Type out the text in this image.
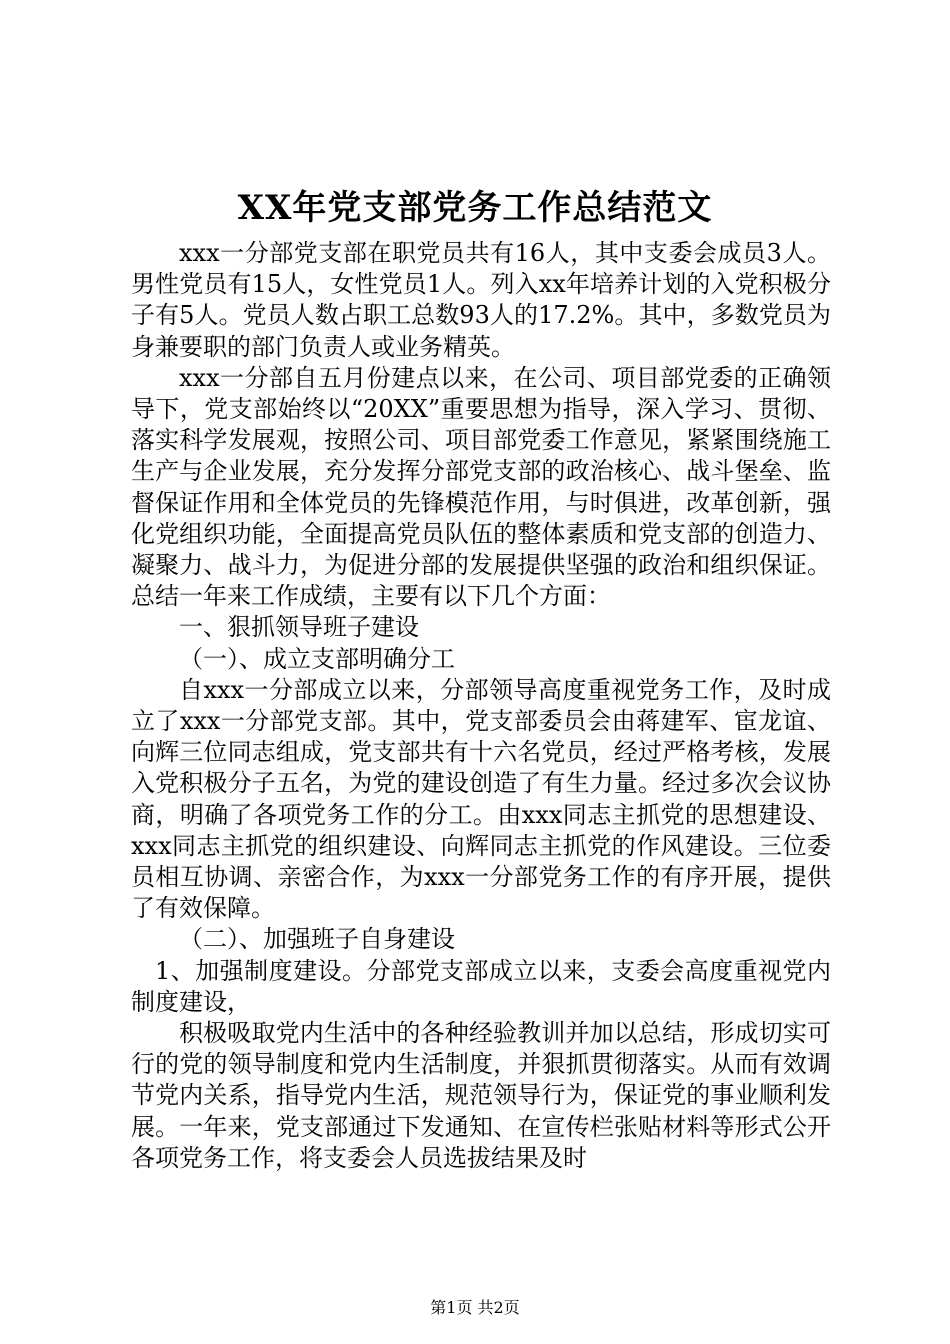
XX年党支部党务工作总结范文

xxx一分部党支部在职党员共有16人，其中支委会成员3人。男性党员有15人，女性党员1人。列入xx年培养计划的入党积极分子有5人。党员人数占职工总数93人的17.2%。其中，多数党员为身兼要职的部门负责人或业务精英。

xxx一分部自五月份建点以来，在公司、项目部党委的正确领导下，党支部始终以“20XX”重要思想为指导，深入学习、贯彻、落实科学发展观，按照公司、项目部党委工作意见，紧紧围绕施工生产与企业发展，充分发挥分部党支部的政治核心、战斗堡垒、监督保证作用和全体党员的先锋模范作用，与时俱进，改革创新，强化党组织功能，全面提高党员队伍的整体素质和党支部的创造力、凝聚力、战斗力，为促进分部的发展提供坚强的政治和组织保证。总结一年来工作成绩，主要有以下几个方面：

一、狠抓领导班子建设

（一）、成立支部明确分工

自xxx一分部成立以来，分部领导高度重视党务工作，及时成立了xxx一分部党支部。其中，党支部委员会由蒋建军、宦龙谊、向辉三位同志组成，党支部共有十六名党员，经过严格考核，发展入党积极分子五名，为党的建设创造了有生力量。经过多次会议协商，明确了各项党务工作的分工。由xxx同志主抓党的思想建设、xxx同志主抓党的组织建设、向辉同志主抓党的作风建设。三位委员相互协调、亲密合作，为xxx一分部党务工作的有序开展，提供了有效保障。

（二）、加强班子自身建设

1、加强制度建设。分部党支部成立以来，支委会高度重视党内制度建设，

积极吸取党内生活中的各种经验教训并加以总结，形成切实可行的党的领导制度和党内生活制度，并狠抓贯彻落实。从而有效调节党内关系，指导党内生活，规范领导行为，保证党的事业顺利发展。一年来，党支部通过下发通知、在宣传栏张贴材料等形式公开各项党务工作，将支委会人员选拔结果及时

第1页 共2页
